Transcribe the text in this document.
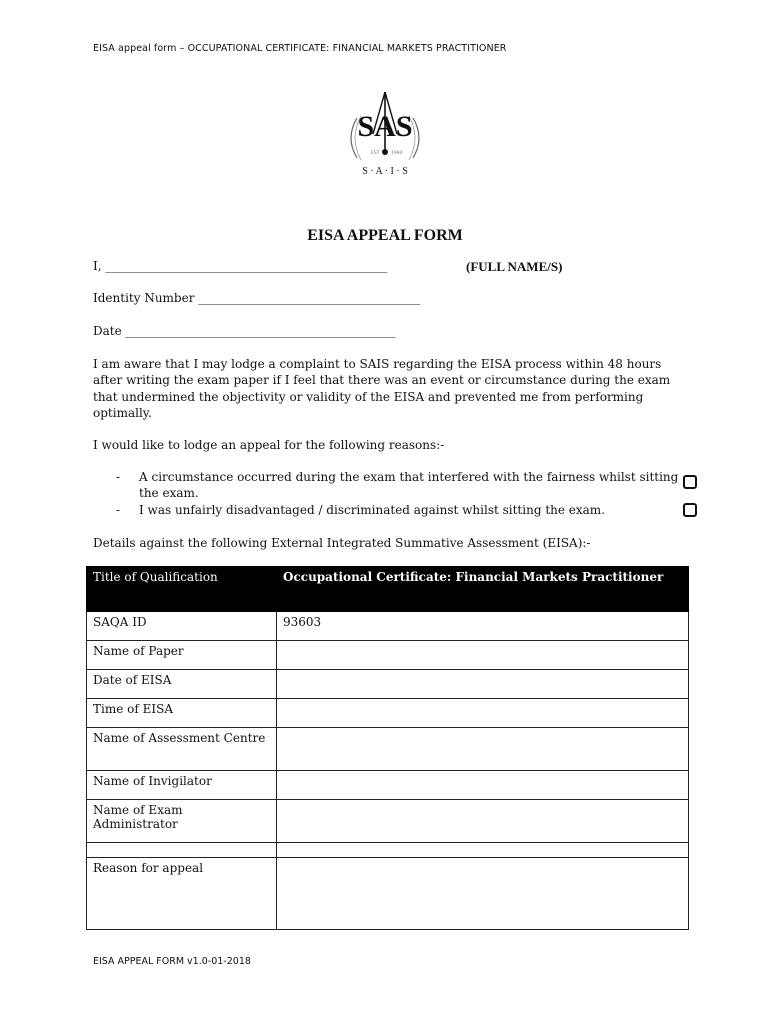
EISA appeal form – OCCUPATIONAL CERTIFICATE: FINANCIAL MARKETS PRACTITIONER
SAS
EST	1994
S · A · I · S
EISA APPEAL FORM
I, _______________________________________________	(FULL NAME/S)
Identity Number _____________________________________
Date _____________________________________________
I am aware that I may lodge a complaint to SAIS regarding the EISA process within 48 hours after writing the exam paper if I feel that there was an event or circumstance during the exam that undermined the objectivity or validity of the EISA and prevented me from performing optimally.
I would like to lodge an appeal for the following reasons:-
-	A circumstance occurred during the exam that interfered with the fairness whilst sitting the exam.
-	I was unfairly disadvantaged / discriminated against whilst sitting the exam.
Details against the following External Integrated Summative Assessment (EISA):-
Title of Qualification	Occupational Certificate: Financial Markets Practitioner
SAQA ID	93603
Name of Paper	
Date of EISA	
Time of EISA	
Name of Assessment Centre	
Name of Invigilator	
Name of Exam Administrator	

Reason for appeal	
EISA APPEAL FORM v1.0-01-2018
